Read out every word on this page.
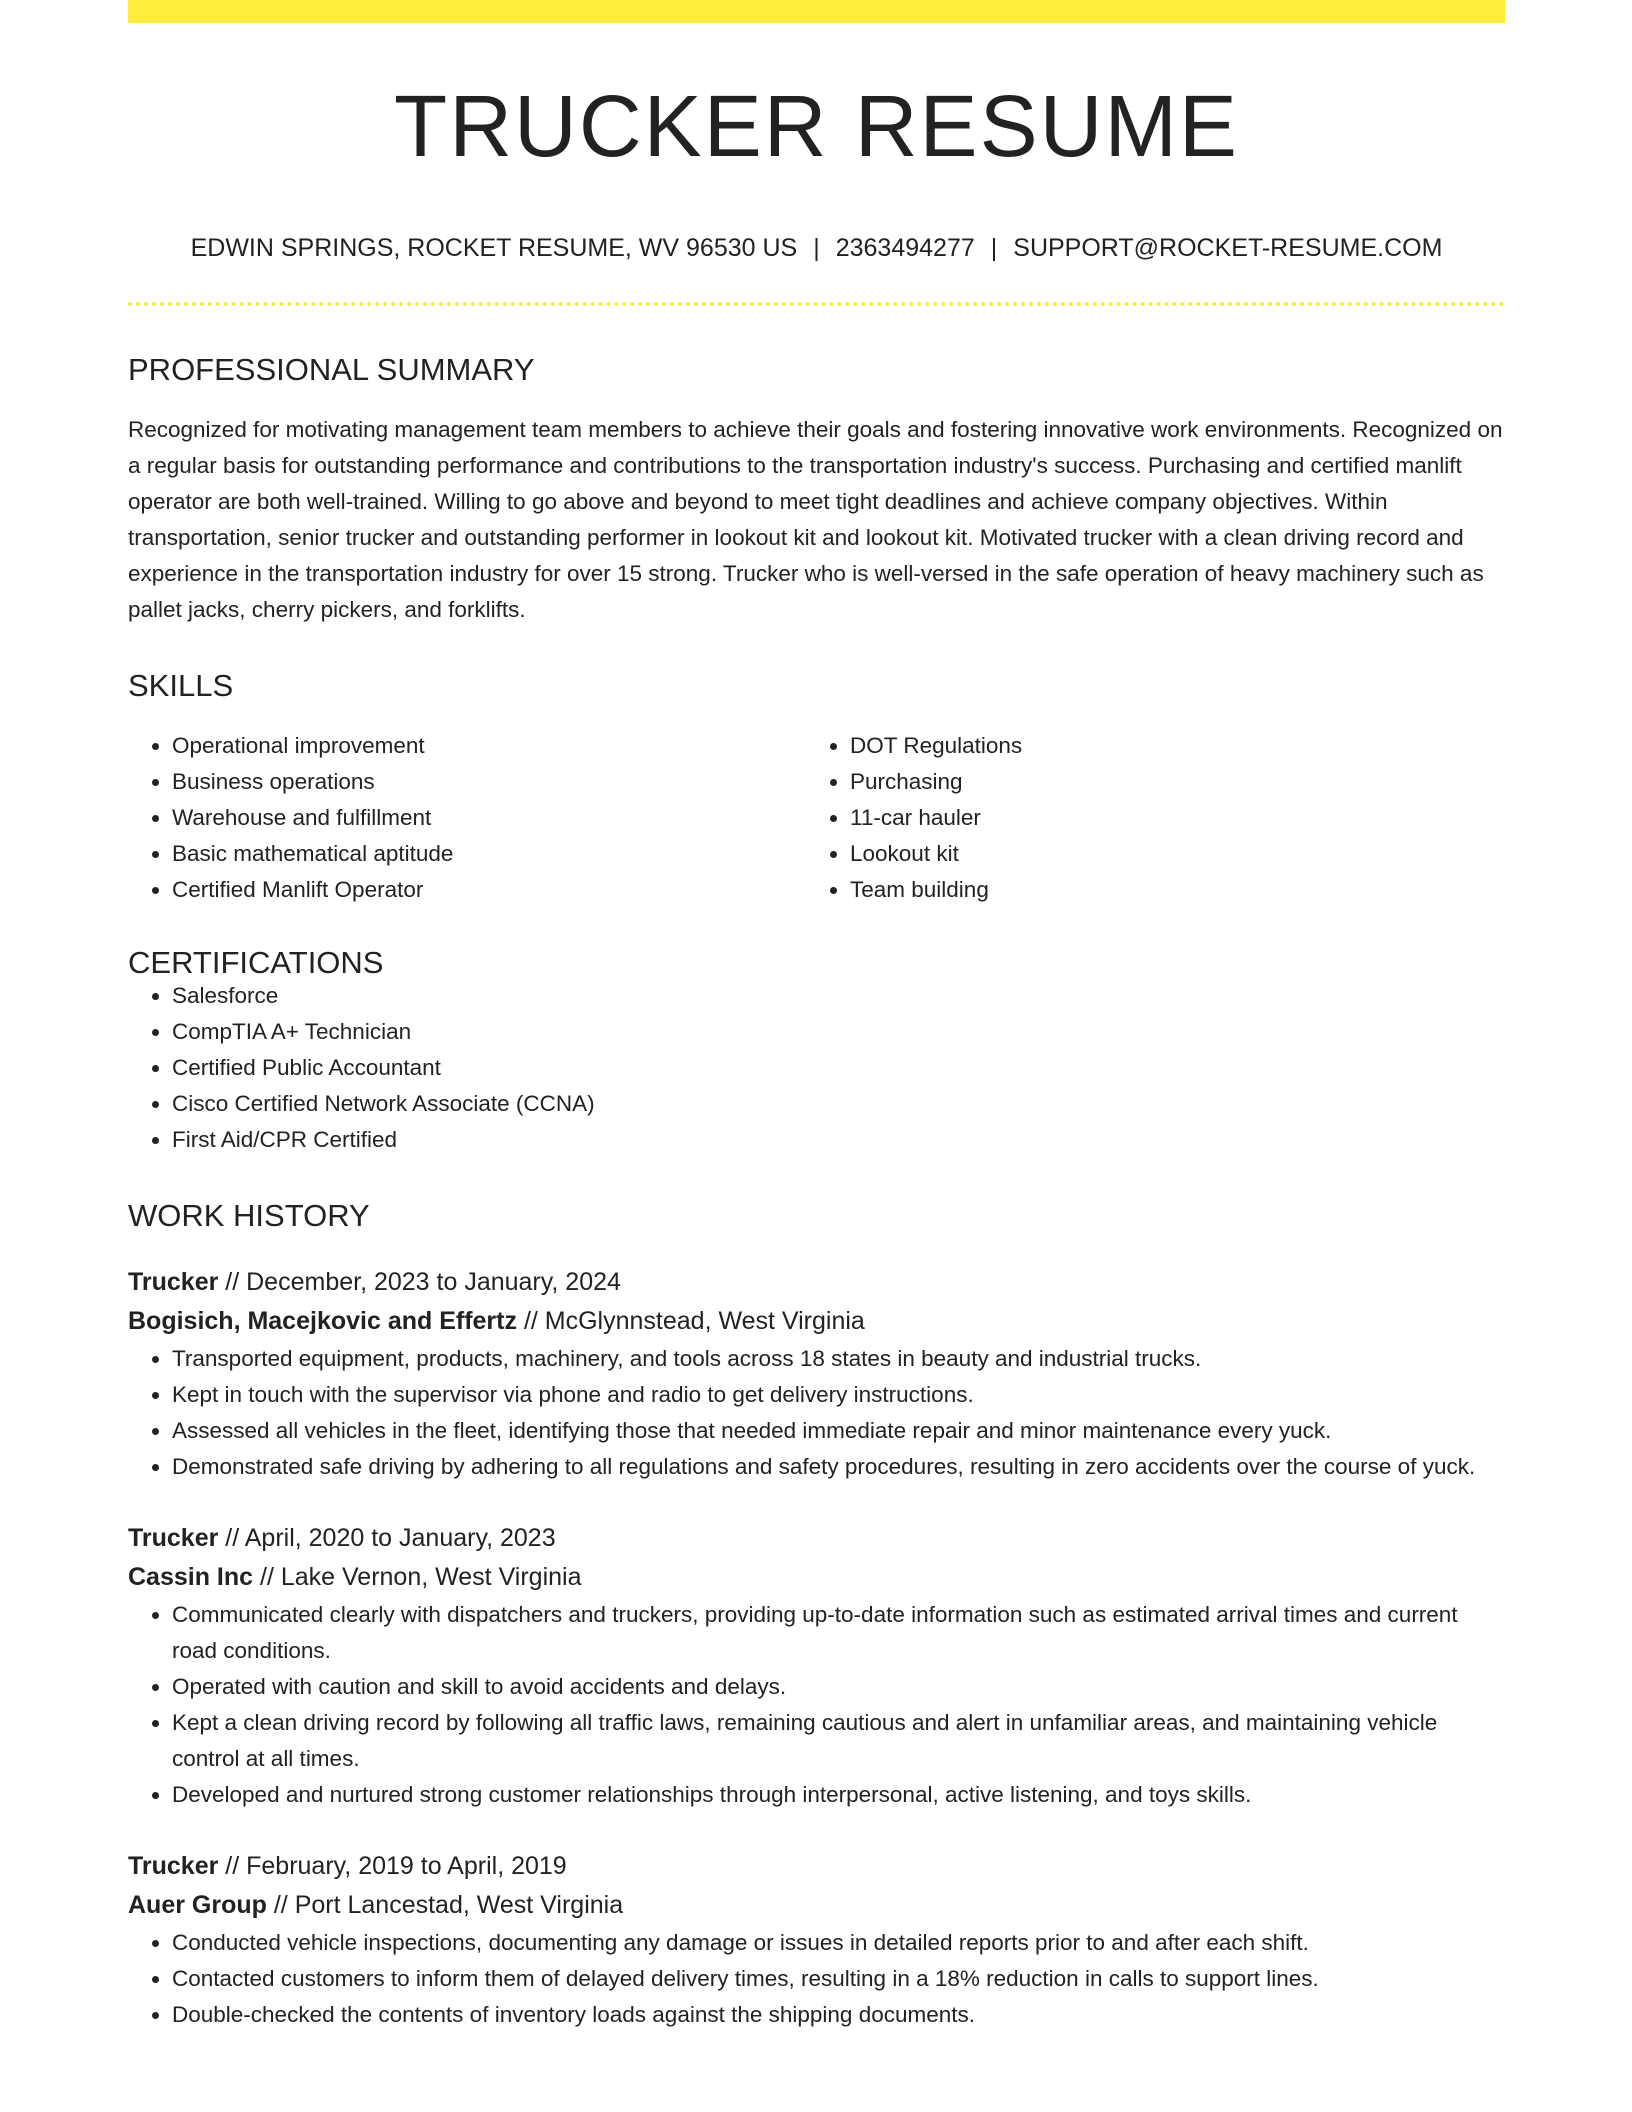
TRUCKER RESUME
EDWIN SPRINGS, ROCKET RESUME, WV 96530 US | 2363494277 | SUPPORT@ROCKET-RESUME.COM
PROFESSIONAL SUMMARY
Recognized for motivating management team members to achieve their goals and fostering innovative work environments. Recognized on a regular basis for outstanding performance and contributions to the transportation industry's success. Purchasing and certified manlift operator are both well-trained. Willing to go above and beyond to meet tight deadlines and achieve company objectives. Within transportation, senior trucker and outstanding performer in lookout kit and lookout kit. Motivated trucker with a clean driving record and experience in the transportation industry for over 15 strong. Trucker who is well-versed in the safe operation of heavy machinery such as pallet jacks, cherry pickers, and forklifts.
SKILLS
• Operational improvement
• Business operations
• Warehouse and fulfillment
• Basic mathematical aptitude
• Certified Manlift Operator
• DOT Regulations
• Purchasing
• 11-car hauler
• Lookout kit
• Team building
CERTIFICATIONS
• Salesforce
• CompTIA A+ Technician
• Certified Public Accountant
• Cisco Certified Network Associate (CCNA)
• First Aid/CPR Certified
WORK HISTORY
Trucker // December, 2023 to January, 2024
Bogisich, Macejkovic and Effertz // McGlynnstead, West Virginia
• Transported equipment, products, machinery, and tools across 18 states in beauty and industrial trucks.
• Kept in touch with the supervisor via phone and radio to get delivery instructions.
• Assessed all vehicles in the fleet, identifying those that needed immediate repair and minor maintenance every yuck.
• Demonstrated safe driving by adhering to all regulations and safety procedures, resulting in zero accidents over the course of yuck.
Trucker // April, 2020 to January, 2023
Cassin Inc // Lake Vernon, West Virginia
• Communicated clearly with dispatchers and truckers, providing up-to-date information such as estimated arrival times and current road conditions.
• Operated with caution and skill to avoid accidents and delays.
• Kept a clean driving record by following all traffic laws, remaining cautious and alert in unfamiliar areas, and maintaining vehicle control at all times.
• Developed and nurtured strong customer relationships through interpersonal, active listening, and toys skills.
Trucker // February, 2019 to April, 2019
Auer Group // Port Lancestad, West Virginia
• Conducted vehicle inspections, documenting any damage or issues in detailed reports prior to and after each shift.
• Contacted customers to inform them of delayed delivery times, resulting in a 18% reduction in calls to support lines.
• Double-checked the contents of inventory loads against the shipping documents.
